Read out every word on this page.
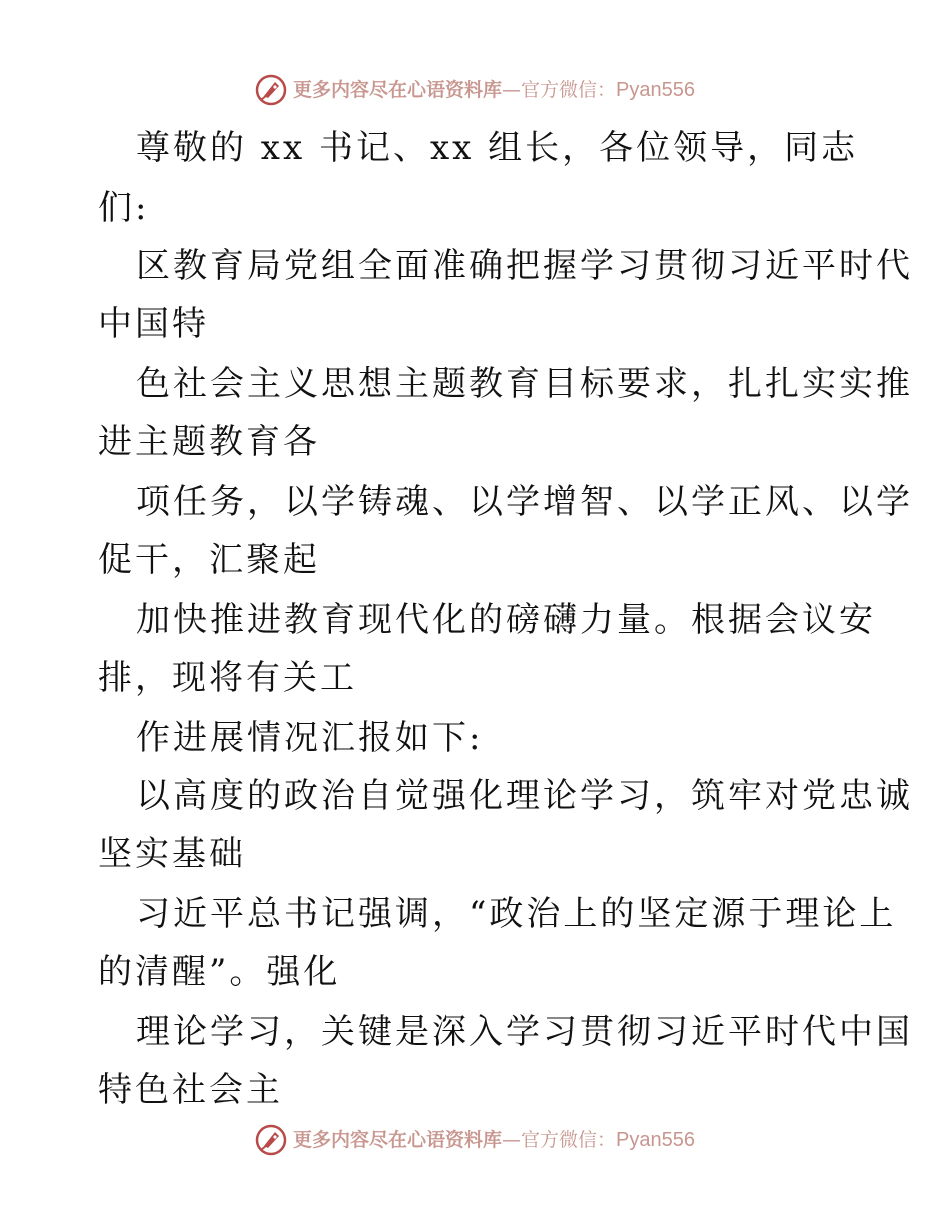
更多内容尽在心语资料库 — 官方微信： Pyan556
尊敬的 xx 书记、xx 组长，各位领导，同志
们:
区教育局党组全面准确把握学习贯彻习近平时代
中国特
色社会主义思想主题教育目标要求，扎扎实实推
进主题教育各
项任务，以学铸魂、以学增智、以学正风、以学
促干，汇聚起
加快推进教育现代化的磅礴力量。根据会议安
排，现将有关工
作进展情况汇报如下:
以高度的政治自觉强化理论学习，筑牢对党忠诚
坚实基础
习近平总书记强调，“政治上的坚定源于理论上
的清醒”。强化
理论学习，关键是深入学习贯彻习近平时代中国
特色社会主
更多内容尽在心语资料库 — 官方微信： Pyan556
